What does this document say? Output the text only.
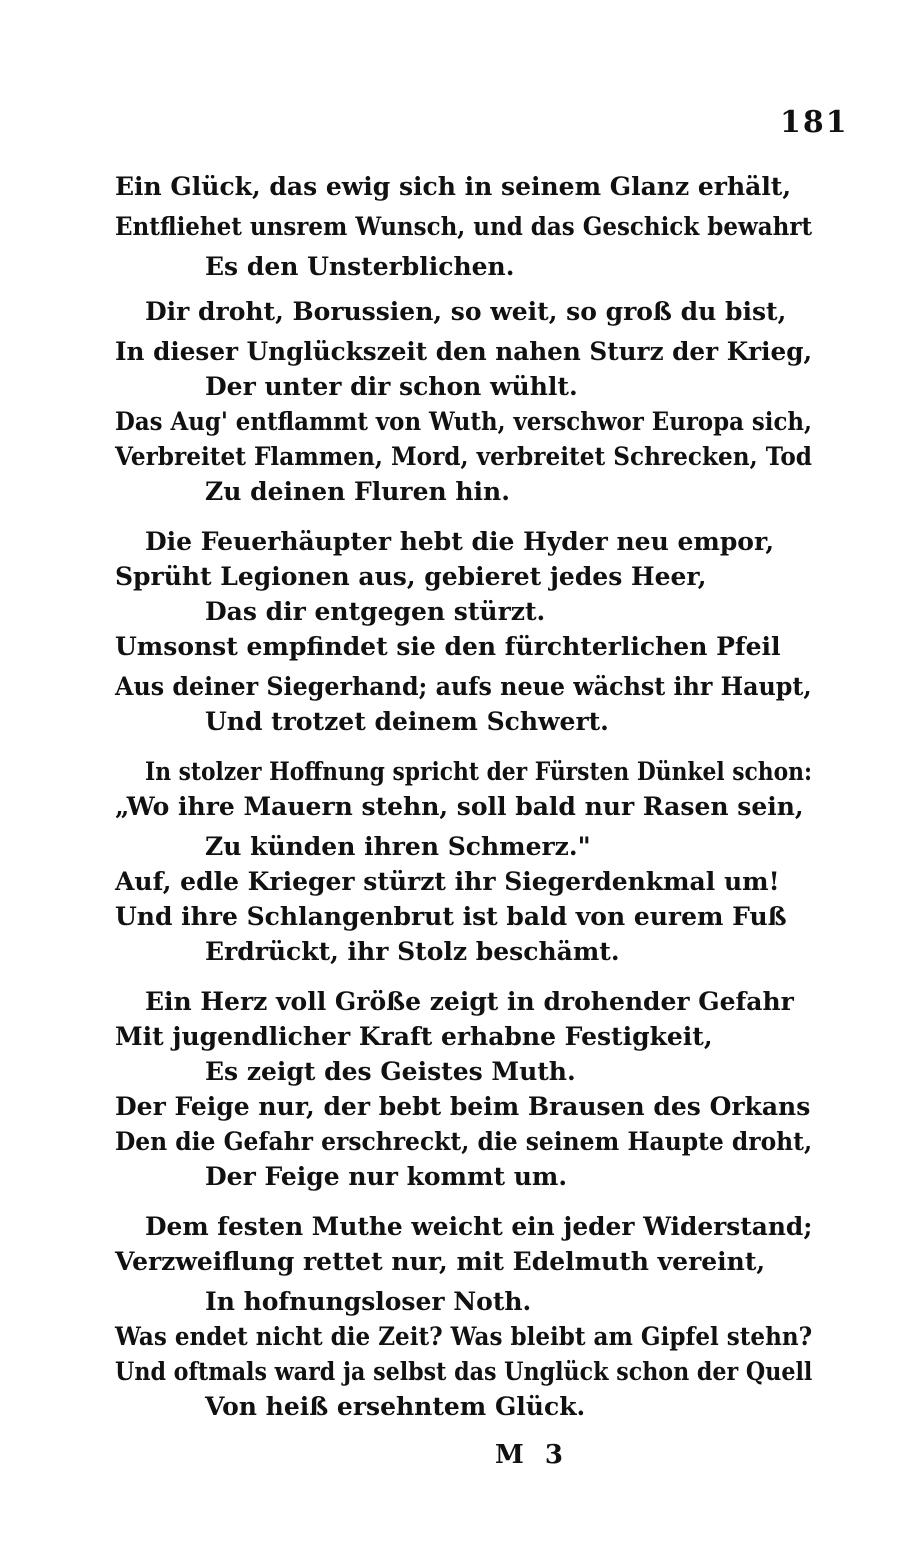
181
Ein Glück, das ewig sich in seinem Glanz erhält,
Entfliehet unsrem Wunsch, und das Geschick bewahrt
Es den Unsterblichen.
Dir droht, Borussien, so weit, so groß du bist,
In dieser Unglückszeit den nahen Sturz der Krieg,
Der unter dir schon wühlt.
Das Aug' entflammt von Wuth, verschwor Europa sich,
Verbreitet Flammen, Mord, verbreitet Schrecken, Tod
Zu deinen Fluren hin.
Die Feuerhäupter hebt die Hyder neu empor,
Sprüht Legionen aus, gebieret jedes Heer,
Das dir entgegen stürzt.
Umsonst empfindet sie den fürchterlichen Pfeil
Aus deiner Siegerhand; aufs neue wächst ihr Haupt,
Und trotzet deinem Schwert.
In stolzer Hoffnung spricht der Fürsten Dünkel schon:
„Wo ihre Mauern stehn, soll bald nur Rasen sein,
Zu künden ihren Schmerz."
Auf, edle Krieger stürzt ihr Siegerdenkmal um!
Und ihre Schlangenbrut ist bald von eurem Fuß
Erdrückt, ihr Stolz beschämt.
Ein Herz voll Größe zeigt in drohender Gefahr
Mit jugendlicher Kraft erhabne Festigkeit,
Es zeigt des Geistes Muth.
Der Feige nur, der bebt beim Brausen des Orkans
Den die Gefahr erschreckt, die seinem Haupte droht,
Der Feige nur kommt um.
Dem festen Muthe weicht ein jeder Widerstand;
Verzweiflung rettet nur, mit Edelmuth vereint,
In hofnungsloser Noth.
Was endet nicht die Zeit? Was bleibt am Gipfel stehn?
Und oftmals ward ja selbst das Unglück schon der Quell
Von heiß ersehntem Glück.
M 3
